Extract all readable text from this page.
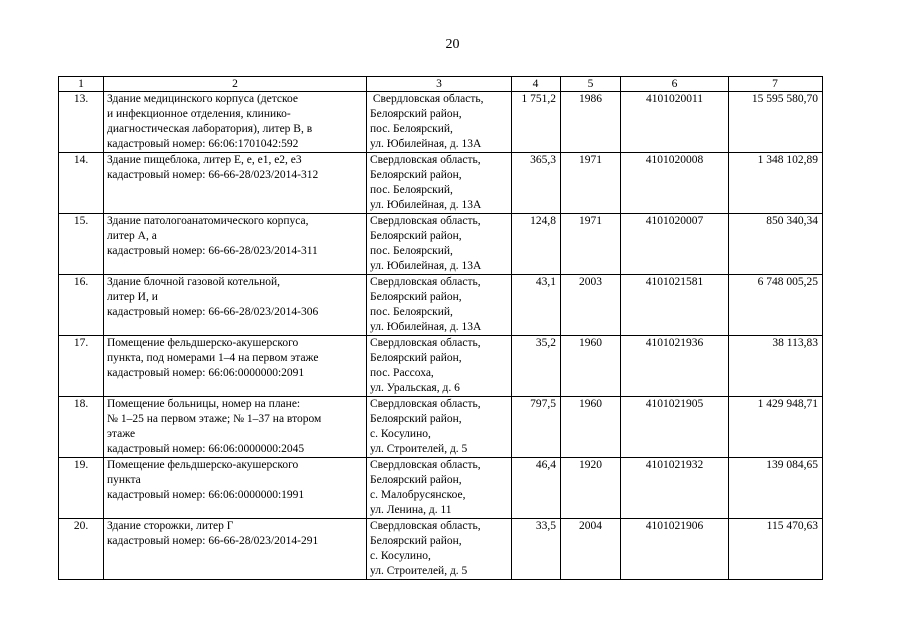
20
1	2	3	4	5	6	7
13.	Здание медицинского корпуса (детское
и инфекционное отделения, клинико-
диагностическая лаборатория), литер В, в
кадастровый номер: 66:06:1701042:592	Свердловская область,
Белоярский район,
пос. Белоярский,
ул. Юбилейная, д. 13А	1 751,2	1986	4101020011	15 595 580,70
14.	Здание пищеблока, литер Е, е, е1, е2, е3
кадастровый номер: 66-66-28/023/2014-312	Свердловская область,
Белоярский район,
пос. Белоярский,
ул. Юбилейная, д. 13А	365,3	1971	4101020008	1 348 102,89
15.	Здание патологоанатомического корпуса,
литер А, а
кадастровый номер: 66-66-28/023/2014-311	Свердловская область,
Белоярский район,
пос. Белоярский,
ул. Юбилейная, д. 13А	124,8	1971	4101020007	850 340,34
16.	Здание блочной газовой котельной,
литер И, и
кадастровый номер: 66-66-28/023/2014-306	Свердловская область,
Белоярский район,
пос. Белоярский,
ул. Юбилейная, д. 13А	43,1	2003	4101021581	6 748 005,25
17.	Помещение фельдшерско-акушерского
пункта, под номерами 1–4 на первом этаже
кадастровый номер: 66:06:0000000:2091	Свердловская область,
Белоярский район,
пос. Рассоха,
ул. Уральская, д. 6	35,2	1960	4101021936	38 113,83
18.	Помещение больницы, номер на плане:
№ 1–25 на первом этаже; № 1–37 на втором
этаже
кадастровый номер: 66:06:0000000:2045	Свердловская область,
Белоярский район,
с. Косулино,
ул. Строителей, д. 5	797,5	1960	4101021905	1 429 948,71
19.	Помещение фельдшерско-акушерского
пункта
кадастровый номер: 66:06:0000000:1991	Свердловская область,
Белоярский район,
с. Малобрусянское,
ул. Ленина, д. 11	46,4	1920	4101021932	139 084,65
20.	Здание сторожки, литер Г
кадастровый номер: 66-66-28/023/2014-291	Свердловская область,
Белоярский район,
с. Косулино,
ул. Строителей, д. 5	33,5	2004	4101021906	115 470,63
